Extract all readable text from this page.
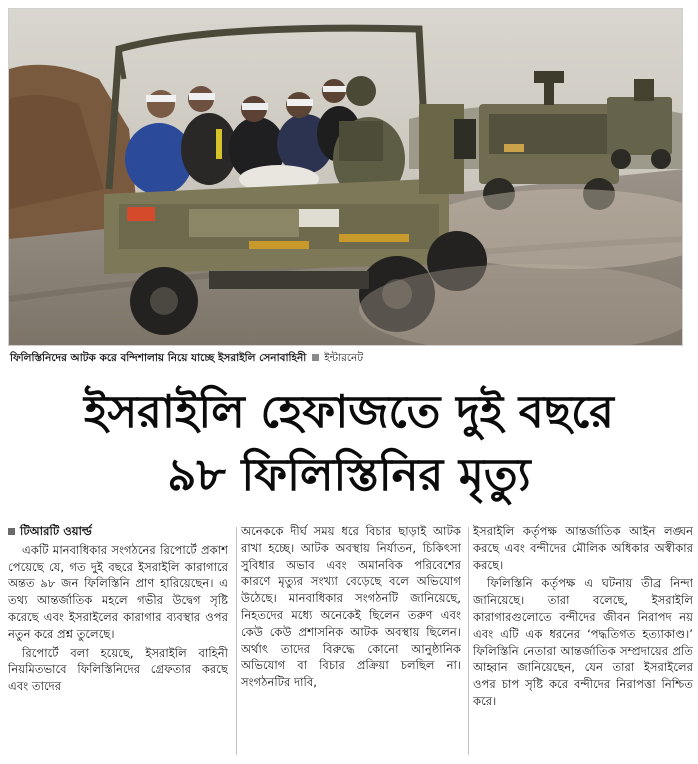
ফিলিস্তিনিদের আটক করে বন্দিশালায় নিয়ে যাচ্ছে ইসরাইলি সেনাবাহিনী ইন্টারনেট
ইসরাইলি হেফাজতে দুই বছরে
৯৮ ফিলিস্তিনির মৃত্যু

টিআরটি ওয়ার্ল্ড

একটি মানবাধিকার সংগঠনের রিপোর্টে প্রকাশ পেয়েছে যে, গত দুই বছরে ইসরাইলি কারাগারে অন্তত ৯৮ জন ফিলিস্তিনি প্রাণ হারিয়েছেন। এ তথ্য আন্তর্জাতিক মহলে গভীর উদ্বেগ সৃষ্টি করেছে এবং ইসরাইলের কারাগার ব্যবস্থার ওপর নতুন করে প্রশ্ন তুলেছে।

রিপোর্টে বলা হয়েছে, ইসরাইলি বাহিনী নিয়মিতভাবে ফিলিস্তিনিদের গ্রেফতার করছে এবং তাদের

অনেককে দীর্ঘ সময় ধরে বিচার ছাড়াই আটক রাখা হচ্ছে। আটক অবস্থায় নির্যাতন, চিকিৎসা সুবিধার অভাব এবং অমানবিক পরিবেশের কারণে মৃত্যুর সংখ্যা বেড়েছে বলে অভিযোগ উঠেছে। মানবাধিকার সংগঠনটি জানিয়েছে, নিহতদের মধ্যে অনেকেই ছিলেন তরুণ এবং কেউ কেউ প্রশাসনিক আটক অবস্থায় ছিলেন। অর্থাৎ তাদের বিরুদ্ধে কোনো আনুষ্ঠানিক অভিযোগ বা বিচার প্রক্রিয়া চলছিল না। সংগঠনটির দাবি,

ইসরাইলি কর্তৃপক্ষ আন্তর্জাতিক আইন লঙ্ঘন করছে এবং বন্দীদের মৌলিক অধিকার অস্বীকার করছে।

ফিলিস্তিনি কর্তৃপক্ষ এ ঘটনায় তীব্র নিন্দা জানিয়েছে। তারা বলেছে, ইসরাইলি কারাগারগুলোতে বন্দীদের জীবন নিরাপদ নয় এবং এটি এক ধরনের ‘পদ্ধতিগত হত্যাকাণ্ড।’ ফিলিস্তিনি নেতারা আন্তর্জাতিক সম্প্রদায়ের প্রতি আহ্বান জানিয়েছেন, যেন তারা ইসরাইলের ওপর চাপ সৃষ্টি করে বন্দীদের নিরাপত্তা নিশ্চিত করে।
